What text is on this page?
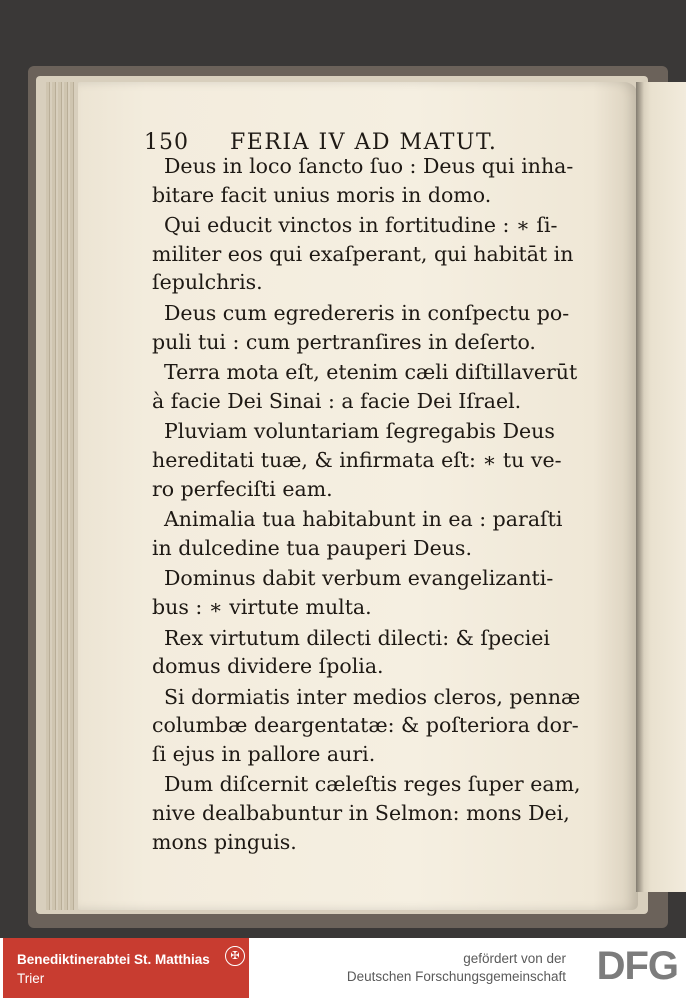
150 FERIA IV AD MATUT.

Deus in loco ſancto ſuo : Deus qui inha-
bitare facit unius moris in domo.

Qui educit vinctos in fortitudine : ∗ ſi-
militer eos qui exaſperant, qui habitāt in
ſepulchris.

Deus cum egredereris in conſpectu po-
puli tui : cum pertranſires in deſerto.

Terra mota eſt, etenim cæli diſtillaverūt
à facie Dei Sinai : a facie Dei Iſrael.

Pluviam voluntariam ſegregabis Deus
hereditati tuæ, & infirmata eſt: ∗ tu ve-
ro perfeciſti eam.

Animalia tua habitabunt in ea : paraſti
in dulcedine tua pauperi Deus.

Dominus dabit verbum evangelizanti-
bus : ∗ virtute multa.

Rex virtutum dilecti dilecti: & ſpeciei
domus dividere ſpolia.

Si dormiatis inter medios cleros, pennæ
columbæ deargentatæ: & poſteriora dor-
ſi ejus in pallore auri.

Dum diſcernit cæleſtis reges ſuper eam,
nive dealbabuntur in Selmon: mons Dei,
mons pinguis.

Benediktinerabtei St. Matthias
Trier
✠	gefördert von der
Deutschen Forschungsgemeinschaft DFG
